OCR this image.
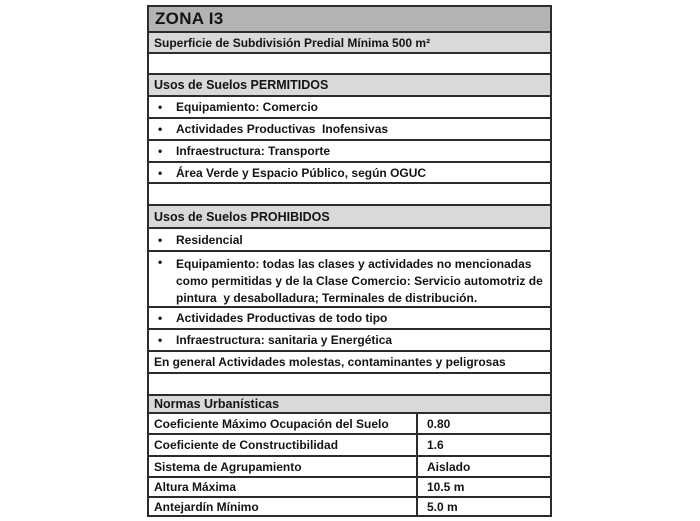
ZONA I3
Superficie de Subdivisión Predial Mínima 500 m²
Usos de Suelos PERMITIDOS
•	Equipamiento: Comercio
•	Actividades Productivas  Inofensivas
•	Infraestructura: Transporte
•	Área Verde y Espacio Público, según OGUC
Usos de Suelos PROHIBIDOS
•	Residencial
•	Equipamiento: todas las clases y actividades no mencionadas como permitidas y de la Clase Comercio: Servicio automotriz de pintura  y desabolladura; Terminales de distribución.
•	Actividades Productivas de todo tipo
•	Infraestructura: sanitaria y Energética
En general Actividades molestas, contaminantes y peligrosas
Normas Urbanísticas
Coeficiente Máximo Ocupación del Suelo	0.80
Coeficiente de Constructibilidad	1.6
Sistema de Agrupamiento	Aislado
Altura Máxima	10.5 m
Antejardín Mínimo	5.0 m
